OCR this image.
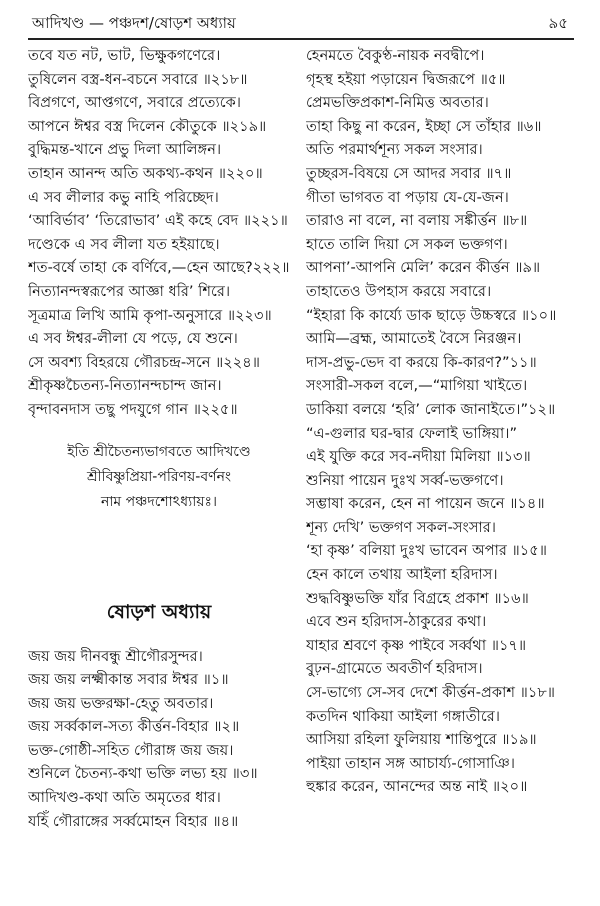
আদিখণ্ড — পঞ্চদশ/ষোড়শ অধ্যায়	৯৫
তবে যত নট, ভাট, ভিক্ষুকগণেরে।
তুষিলেন বস্ত্র-ধন-বচনে সবারে ॥২১৮॥
বিপ্রগণে, আপ্তগণে, সবারে প্রত্যেকে।
আপনে ঈশ্বর বস্ত্র দিলেন কৌতুকে ॥২১৯॥
বুদ্ধিমন্ত-খানে প্রভু দিলা আলিঙ্গন।
তাহান আনন্দ অতি অকথ্য-কথন ॥২২০॥
এ সব লীলার কভু নাহি পরিচ্ছেদ।
‘আবির্ভাব’ ‘তিরোভাব’ এই কহে বেদ ॥২২১॥
দণ্ডেকে এ সব লীলা যত হইয়াছে।
শত-বর্ষে তাহা কে বর্ণিবে,—হেন আছে?২২২॥
নিত্যানন্দস্বরূপের আজ্ঞা ধরি’ শিরে।
সূত্রমাত্র লিখি আমি কৃপা-অনুসারে ॥২২৩॥
এ সব ঈশ্বর-লীলা যে পড়ে, যে শুনে।
সে অবশ্য বিহরয়ে গৌরচন্দ্র-সনে ॥২২৪॥
শ্রীকৃষ্ণচৈতন্য-নিত্যানন্দচান্দ জান।
বৃন্দাবনদাস তছু পদযুগে গান ॥২২৫॥
ইতি শ্রীচৈতন্যভাগবতে আদিখণ্ডে
শ্রীবিষ্ণুপ্রিয়া-পরিণয়-বর্ণনং
নাম পঞ্চদশোঽধ্যায়ঃ।
ষোড়শ অধ্যায়
জয় জয় দীনবন্ধু শ্রীগৌরসুন্দর।
জয় জয় লক্ষ্মীকান্ত সবার ঈশ্বর ॥১॥
জয় জয় ভক্তরক্ষা-হেতু অবতার।
জয় সর্ব্বকাল-সত্য কীর্ত্তন-বিহার ॥২॥
ভক্ত-গোষ্ঠী-সহিত গৌরাঙ্গ জয় জয়।
শুনিলে চৈতন্য-কথা ভক্তি লভ্য হয় ॥৩॥
আদিখণ্ড-কথা অতি অমৃতের ধার।
যহিঁ গৌরাঙ্গের সর্ব্বমোহন বিহার ॥৪॥
হেনমতে বৈকুণ্ঠ-নায়ক নবদ্বীপে।
গৃহস্থ হইয়া পড়ায়েন দ্বিজরূপে ॥৫॥
প্রেমভক্তিপ্রকাশ-নিমিত্ত অবতার।
তাহা কিছু না করেন, ইচ্ছা সে তাঁহার ॥৬॥
অতি পরমার্থশূন্য সকল সংসার।
তুচ্ছরস-বিষয়ে সে আদর সবার ॥৭॥
গীতা ভাগবত বা পড়ায় যে-যে-জন।
তারাও না বলে, না বলায় সঙ্কীর্ত্তন ॥৮॥
হাতে তালি দিয়া সে সকল ভক্তগণ।
আপনা’-আপনি মেলি’ করেন কীর্ত্তন ॥৯॥
তাহাতেও উপহাস করয়ে সবারে।
“ইহারা কি কার্য্যে ডাক ছাড়ে উচ্চস্বরে ॥১০॥
আমি—ব্রহ্ম, আমাতেই বৈসে নিরঞ্জন।
দাস-প্রভু-ভেদ বা করয়ে কি-কারণ?”১১॥
সংসারী-সকল বলে,—“মাগিয়া খাইতে।
ডাকিয়া বলয়ে ‘হরি’ লোক জানাইতে।”১২॥
“এ-গুলার ঘর-দ্বার ফেলাই ভাঙ্গিয়া।”
এই যুক্তি করে সব-নদীয়া মিলিয়া ॥১৩॥
শুনিয়া পায়েন দুঃখ সর্ব্ব-ভক্তগণে।
সম্ভাষা করেন, হেন না পায়েন জনে ॥১৪॥
শূন্য দেখি’ ভক্তগণ সকল-সংসার।
‘হা কৃষ্ণ’ বলিয়া দুঃখ ভাবেন অপার ॥১৫॥
হেন কালে তথায় আইলা হরিদাস।
শুদ্ধবিষ্ণুভক্তি যাঁর বিগ্রহে প্রকাশ ॥১৬॥
এবে শুন হরিদাস-ঠাকুরের কথা।
যাহার শ্রবণে কৃষ্ণ পাইবে সর্ব্বথা ॥১৭॥
বুঢ়ন-গ্রামেতে অবতীর্ণ হরিদাস।
সে-ভাগ্যে সে-সব দেশে কীর্ত্তন-প্রকাশ ॥১৮॥
কতদিন থাকিয়া আইলা গঙ্গাতীরে।
আসিয়া রহিলা ফুলিয়ায় শান্তিপুরে ॥১৯॥
পাইয়া তাহান সঙ্গ আচার্য্য-গোসাঞি।
হুঙ্কার করেন, আনন্দের অন্ত নাই ॥২০॥
